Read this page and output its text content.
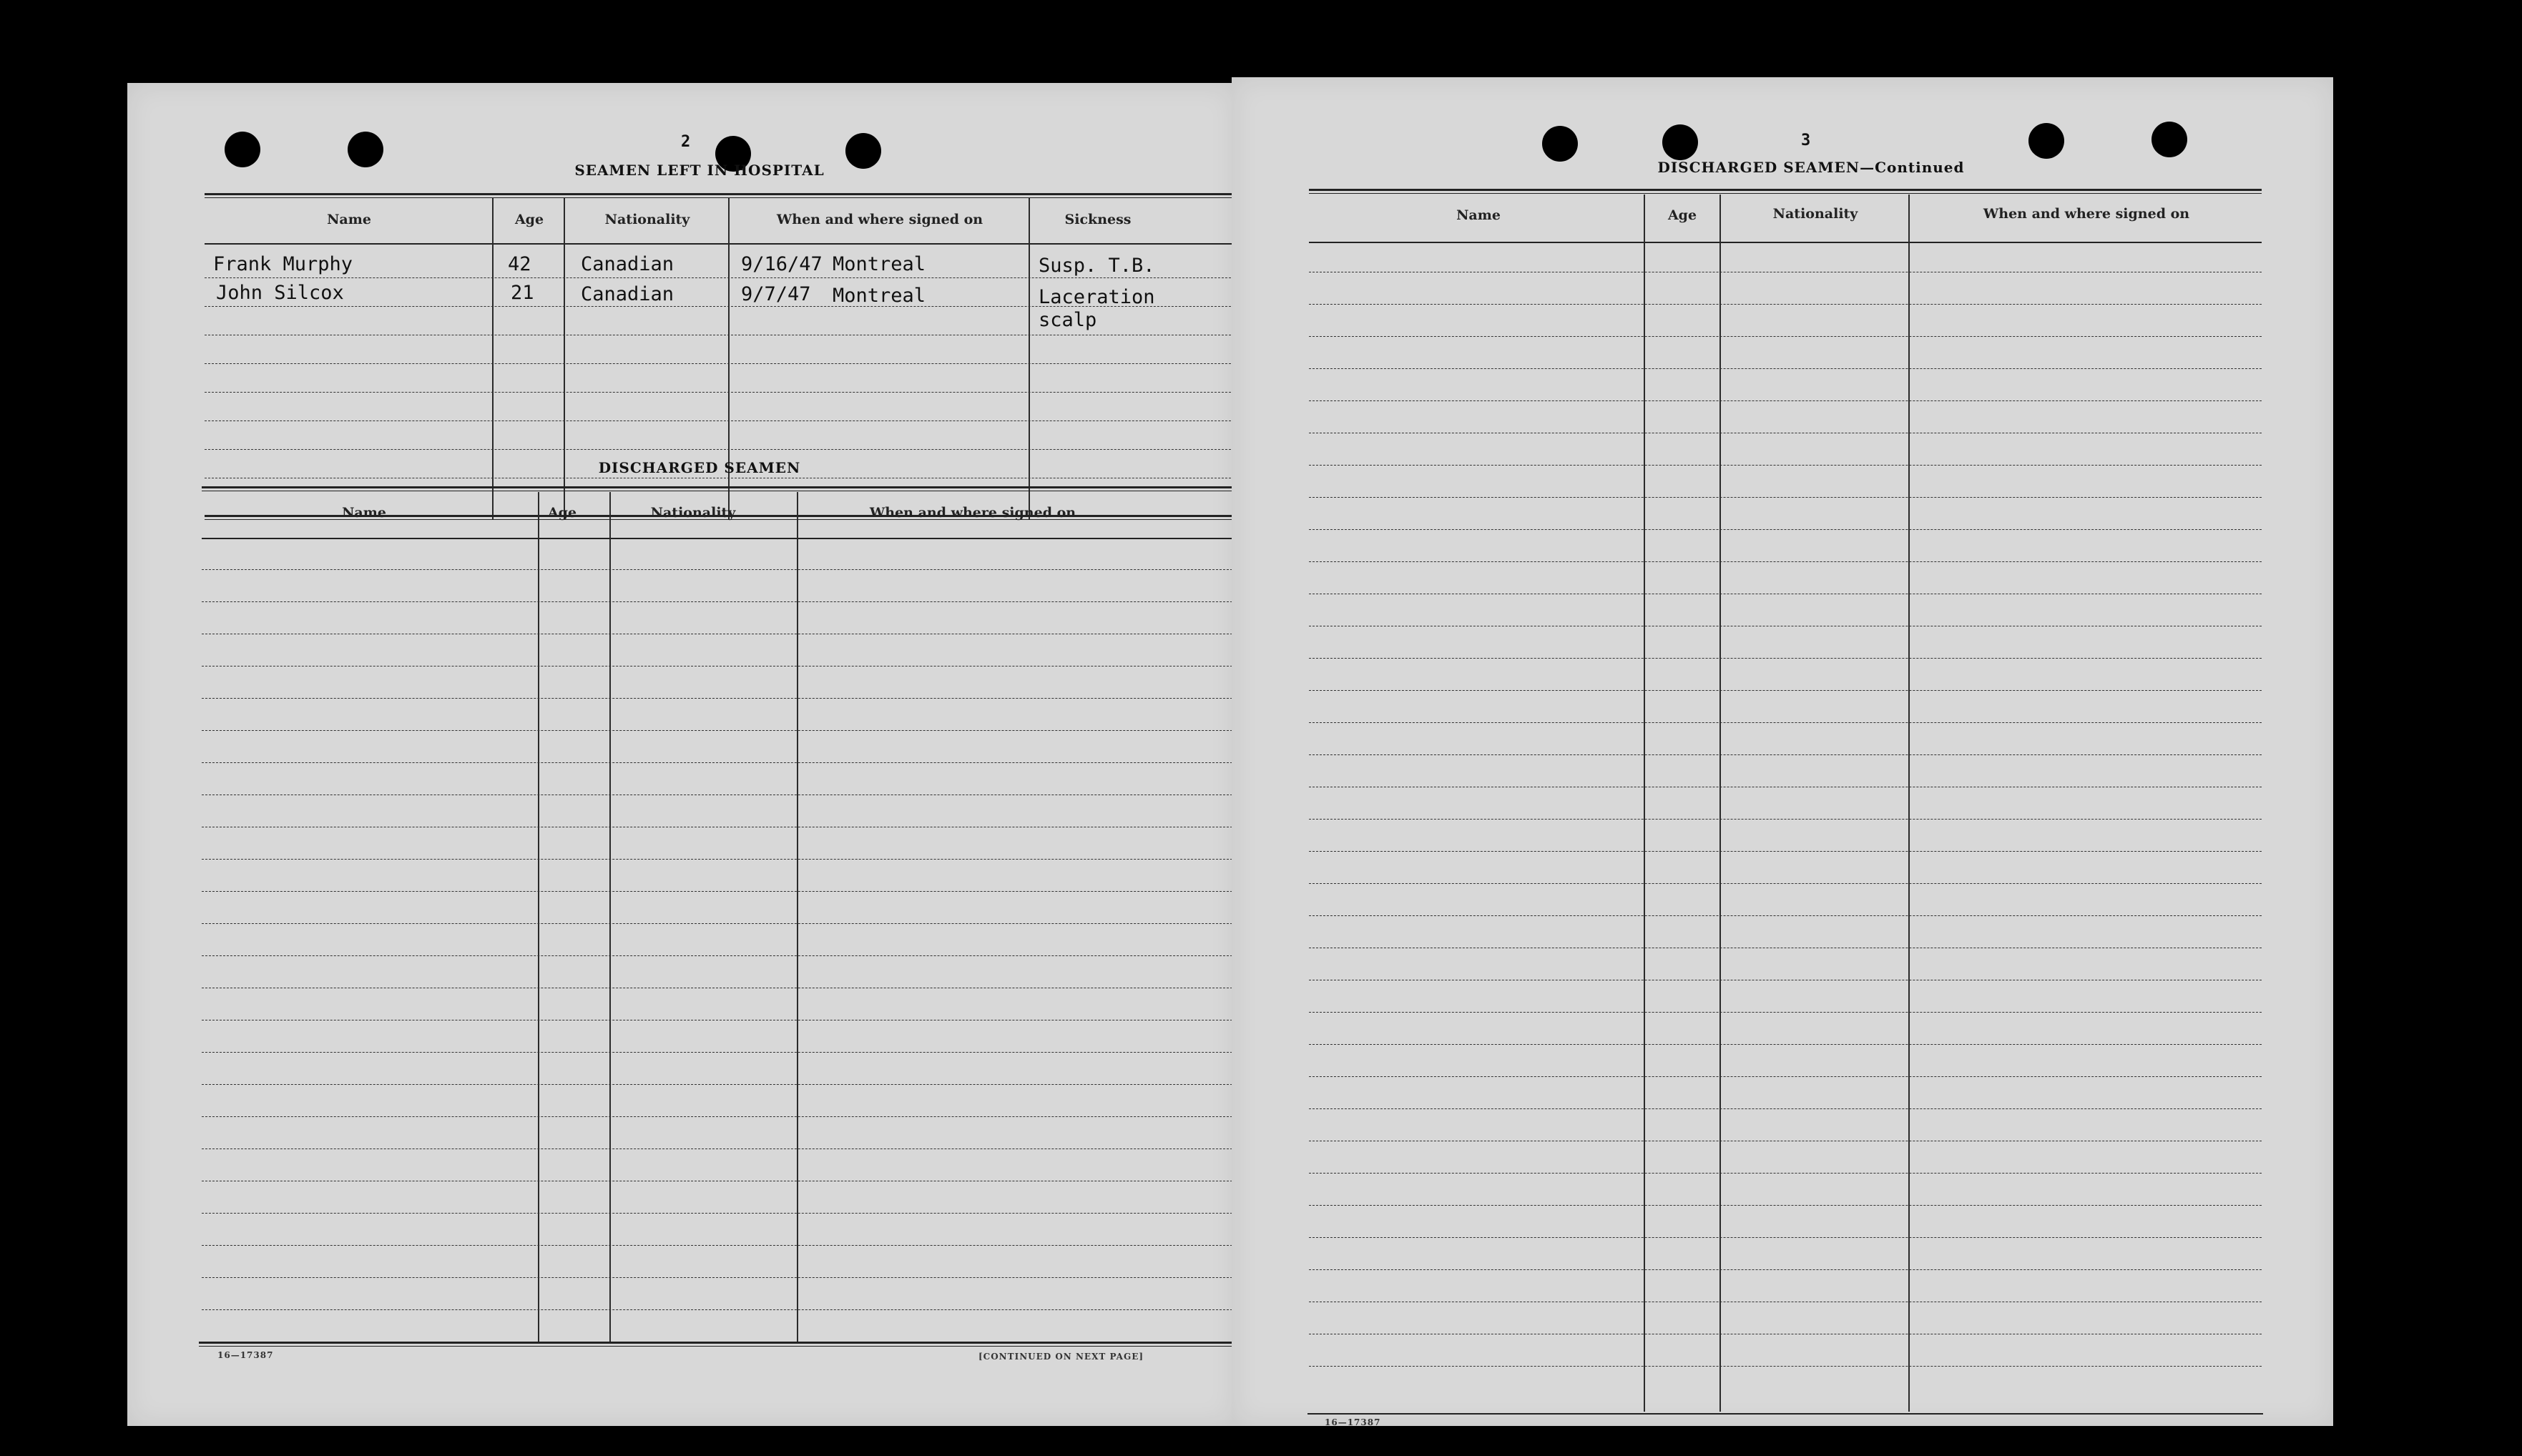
2
SEAMEN LEFT IN HOSPITAL
Name	Age	Nationality	When and where signed on	Sickness
Frank Murphy	42	Canadian	9/16/47 Montreal	Susp. T.B.
John Silcox	21 Canadian	9/7/47 Montreal	Laceration
scalp
DISCHARGED SEAMEN
Name	Age	Nationality	When and where signed on
16—17387	[CONTINUED ON NEXT PAGE]
3
DISCHARGED SEAMEN—Continued
Name	Age	Nationality	When and where signed on
16—17387
